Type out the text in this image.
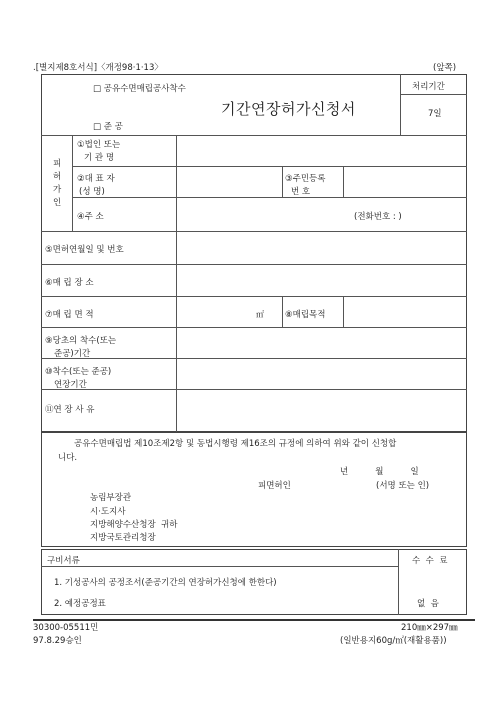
.[별지제8호서식]〈개정98·1·13〉	(앞쪽)
□ 공유수면매립공사착수
기간연장허가신청서
□ 준 공
처리기간
7일
피
허
가
인
①법인 또는
기 관 명
②대 표 자
(성 명)
③주민등록
번 호
④주 소	(전화번호 : )
⑤면허연월일 및 번호
⑥매 립 장 소
⑦매 립 면 적	㎡ ⑧매립목적
⑨당초의 착수(또는
준공)기간
⑩착수(또는 준공)
연장기간
⑪연 장 사 유
공유수면매립법 제10조제2항 및 동법시행령 제16조의 규정에 의하여 위와 같이 신청합
니다.
년          월          일
피면허인	(서명 또는 인)
농림부장관
시·도지사
지방해양수산청장  귀하
지방국토관리청장
구비서류
1. 기성공사의 공정조서(준공기간의 연장허가신청에 한한다)
2. 예정공정표
수  수  료
없  음
30300-05511민
97.8.29승인
210㎜×297㎜
(일반용지60g/㎡(재활용품))
